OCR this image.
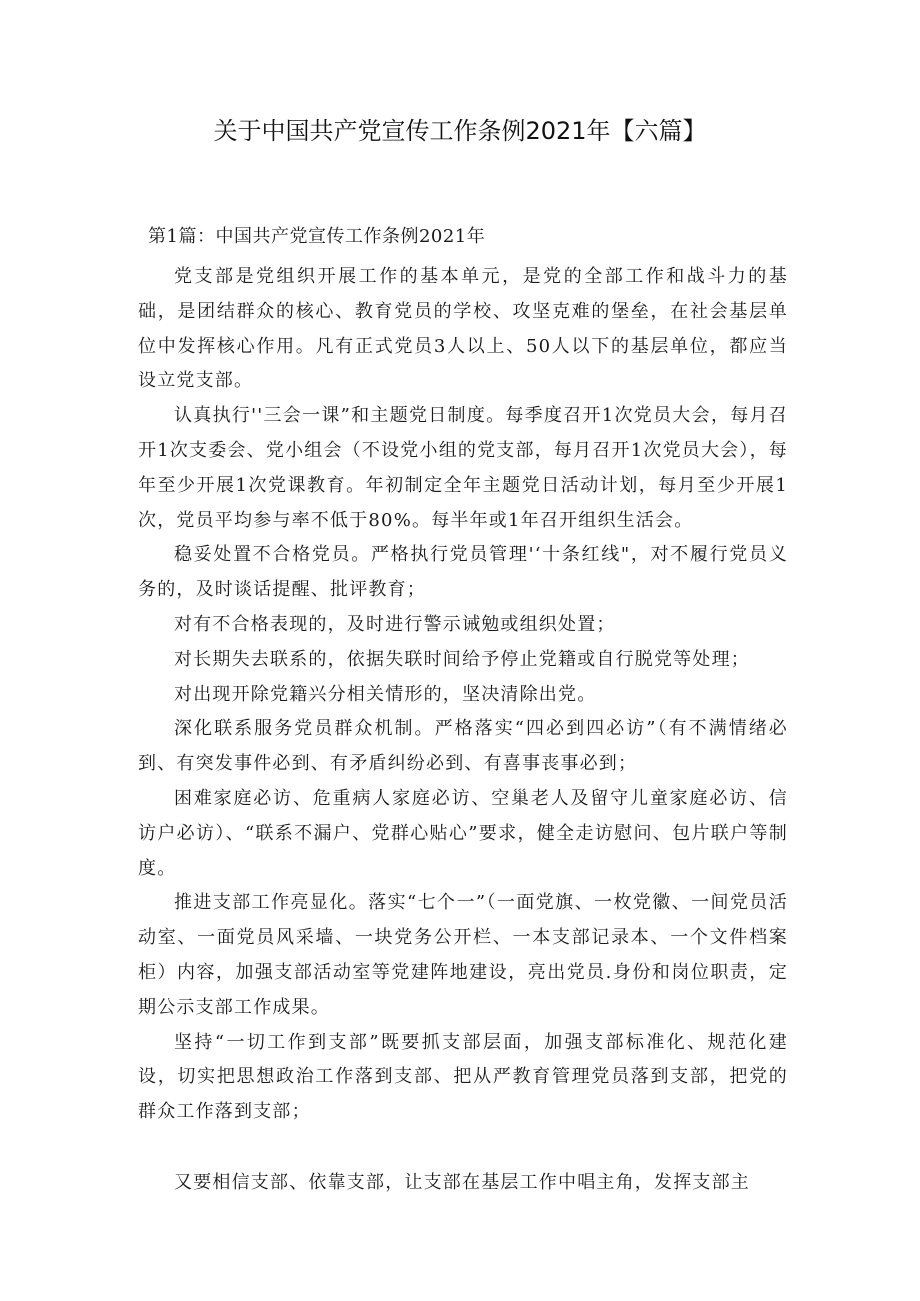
关于中国共产党宣传工作条例2021年【六篇】

第1篇：中国共产党宣传工作条例2021年

党支部是党组织开展工作的基本单元，是党的全部工作和战斗力的基础，是团结群众的核心、教育党员的学校、攻坚克难的堡垒，在社会基层单位中发挥核心作用。凡有正式党员3人以上、50人以下的基层单位，都应当设立党支部。

认真执行''三会一课”和主题党日制度。每季度召开1次党员大会，每月召开1次支委会、党小组会（不设党小组的党支部，每月召开1次党员大会），每年至少开展1次党课教育。年初制定全年主题党日活动计划，每月至少开展1次，党员平均参与率不低于80%。每半年或1年召开组织生活会。

稳妥处置不合格党员。严格执行党员管理'‘十条红线"，对不履行党员义务的，及时谈话提醒、批评教育；

对有不合格表现的，及时进行警示诫勉或组织处置；

对长期失去联系的，依据失联时间给予停止党籍或自行脱党等处理；

对出现开除党籍兴分相关情形的，坚决清除出党。

深化联系服务党员群众机制。严格落实“四必到四必访”（有不满情绪必到、有突发事件必到、有矛盾纠纷必到、有喜事丧事必到；

困难家庭必访、危重病人家庭必访、空巢老人及留守儿童家庭必访、信访户必访）、“联系不漏户、党群心贴心”要求，健全走访慰问、包片联户等制度。

推进支部工作亮显化。落实“七个一”（一面党旗、一枚党徽、一间党员活动室、一面党员风采墙、一块党务公开栏、一本支部记录本、一个文件档案柜）内容，加强支部活动室等党建阵地建设，亮出党员.身份和岗位职责，定期公示支部工作成果。

坚持“一切工作到支部”既要抓支部层面，加强支部标准化、规范化建设，切实把思想政治工作落到支部、把从严教育管理党员落到支部，把党的群众工作落到支部；

又要相信支部、依靠支部，让支部在基层工作中唱主角，发挥支部主
